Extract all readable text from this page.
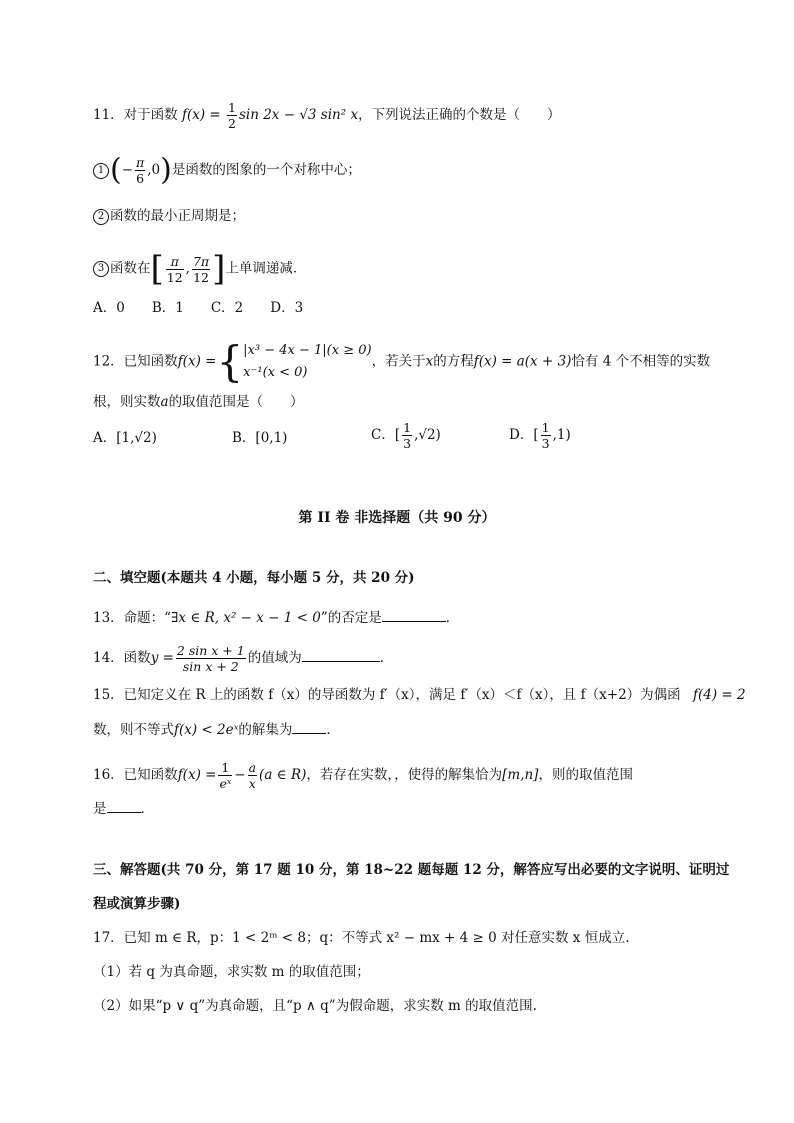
11．对于函数 $f(x) = \frac{1}{2}$ sin 2x − √3 sin² x，下列说法正确的个数是（　　）
1 (− $\frac{\pi}{6} ,0$)是函数的图象的一个对称中心；
2 函数的最小正周期是；
3 函数在[ $\frac{\pi}{12}$ , $\frac{7\pi}{12}$ ]上单调递减．
A．0　　B．1　　C．2　　D．3
12．已知函数f(x) ={ |x³ − 4x − 1|(x ≥ 0)
x⁻¹(x < 0)
，若关于x的方程f(x) = a(x + 3)恰有 4 个不相等的实数
根，则实数a的取值范围是（　　）
A．[1,√2)	B．[0,1)	C．[ $\frac{1}{3} ,√2$)	D．[ $\frac{1}{3} ,1$)
第 II 卷 非选择题（共 90 分）
二、填空题(本题共 4 小题，每小题 5 分，共 20 分)
13．命题：“∃x ∈ R, x² − x − 1 < 0”的否定是	．
14．函数$y = \frac{\text{2 sin x + 1}}{\text{sin x + 2}}$ 的值域为	．
15．已知定义在 R 上的函数 f（x）的导函数为 f′（x），满足 f′（x）＜f（x），且 f（x+2）为偶函 f(4) = 2
数，则不等式f(x) < 2eˣ的解集为	．
16．已知函数$f(x) = \frac{1}{\text{eˣ}} - \frac{a}{x} (a$ ∈ R)，若存在实数，，使得的解集恰为[m,n]，则的取值范围
是	．
三、解答题(共 70 分，第 17 题 10 分，第 18~22 题每题 12 分，解答应写出必要的文字说明、证明过
程或演算步骤)
17．已知 m ∈ R，p：1 < 2ᵐ < 8；q：不等式 x² − mx + 4 ≥ 0 对任意实数 x 恒成立.
（1）若 q 为真命题，求实数 m 的取值范围；
（2）如果“p ∨ q”为真命题，且“p ∧ q”为假命题，求实数 m 的取值范围.
